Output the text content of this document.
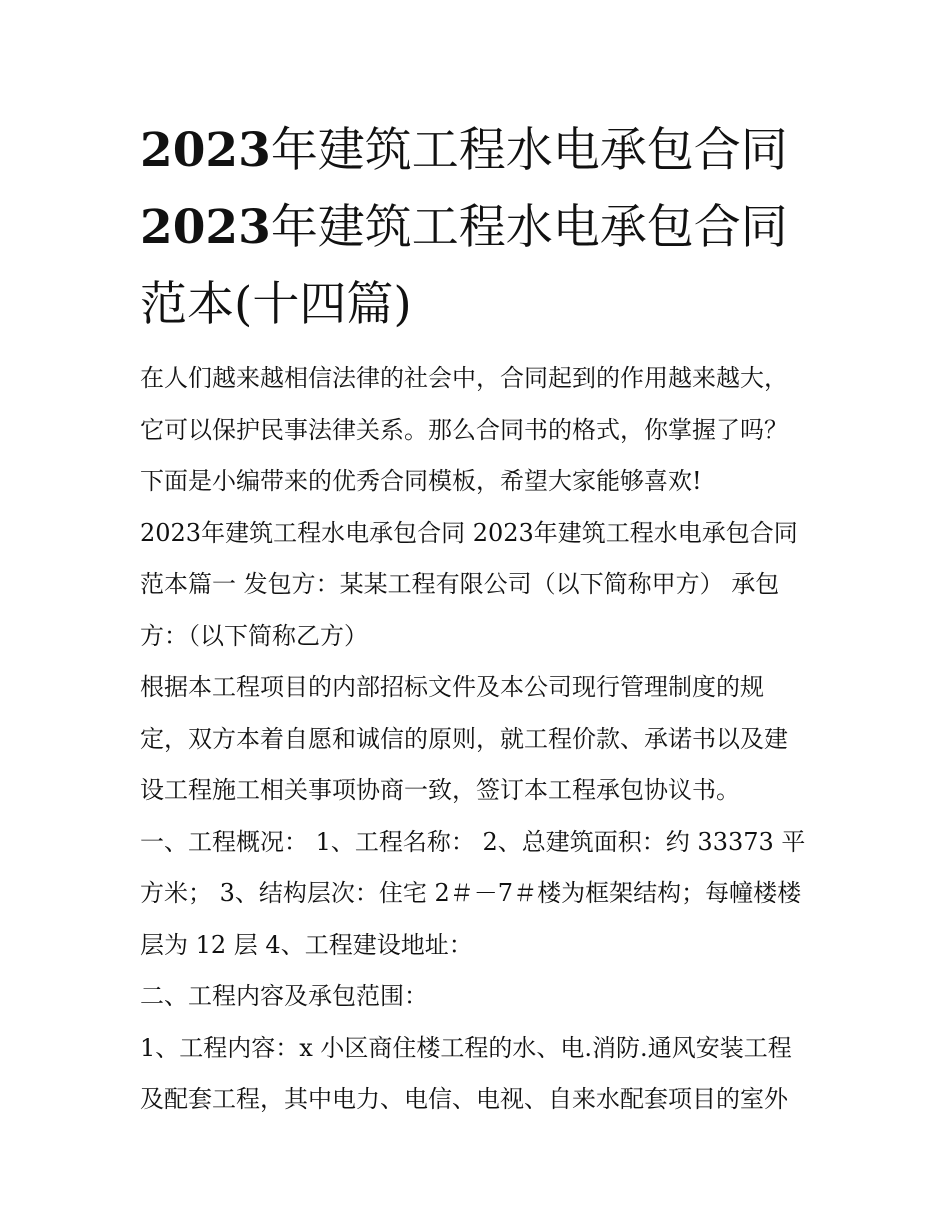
2023年建筑工程水电承包合同
2023年建筑工程水电承包合同
范本(十四篇)

在人们越来越相信法律的社会中，合同起到的作用越来越大，

它可以保护民事法律关系。那么合同书的格式，你掌握了吗？

下面是小编带来的优秀合同模板，希望大家能够喜欢!

2023年建筑工程水电承包合同 2023年建筑工程水电承包合同

范本篇一 发包方：某某工程有限公司（以下简称甲方） 承包

方：（以下简称乙方）

根据本工程项目的内部招标文件及本公司现行管理制度的规

定，双方本着自愿和诚信的原则，就工程价款、承诺书以及建

设工程施工相关事项协商一致，签订本工程承包协议书。

一、工程概况： 1、工程名称： 2、总建筑面积：约 33373 平

方米； 3、结构层次：住宅 2＃－7＃楼为框架结构；每幢楼楼

层为 12 层 4、工程建设地址：

二、工程内容及承包范围：

1、工程内容：x 小区商住楼工程的水、电.消防.通风安装工程

及配套工程，其中电力、电信、电视、自来水配套项目的室外
